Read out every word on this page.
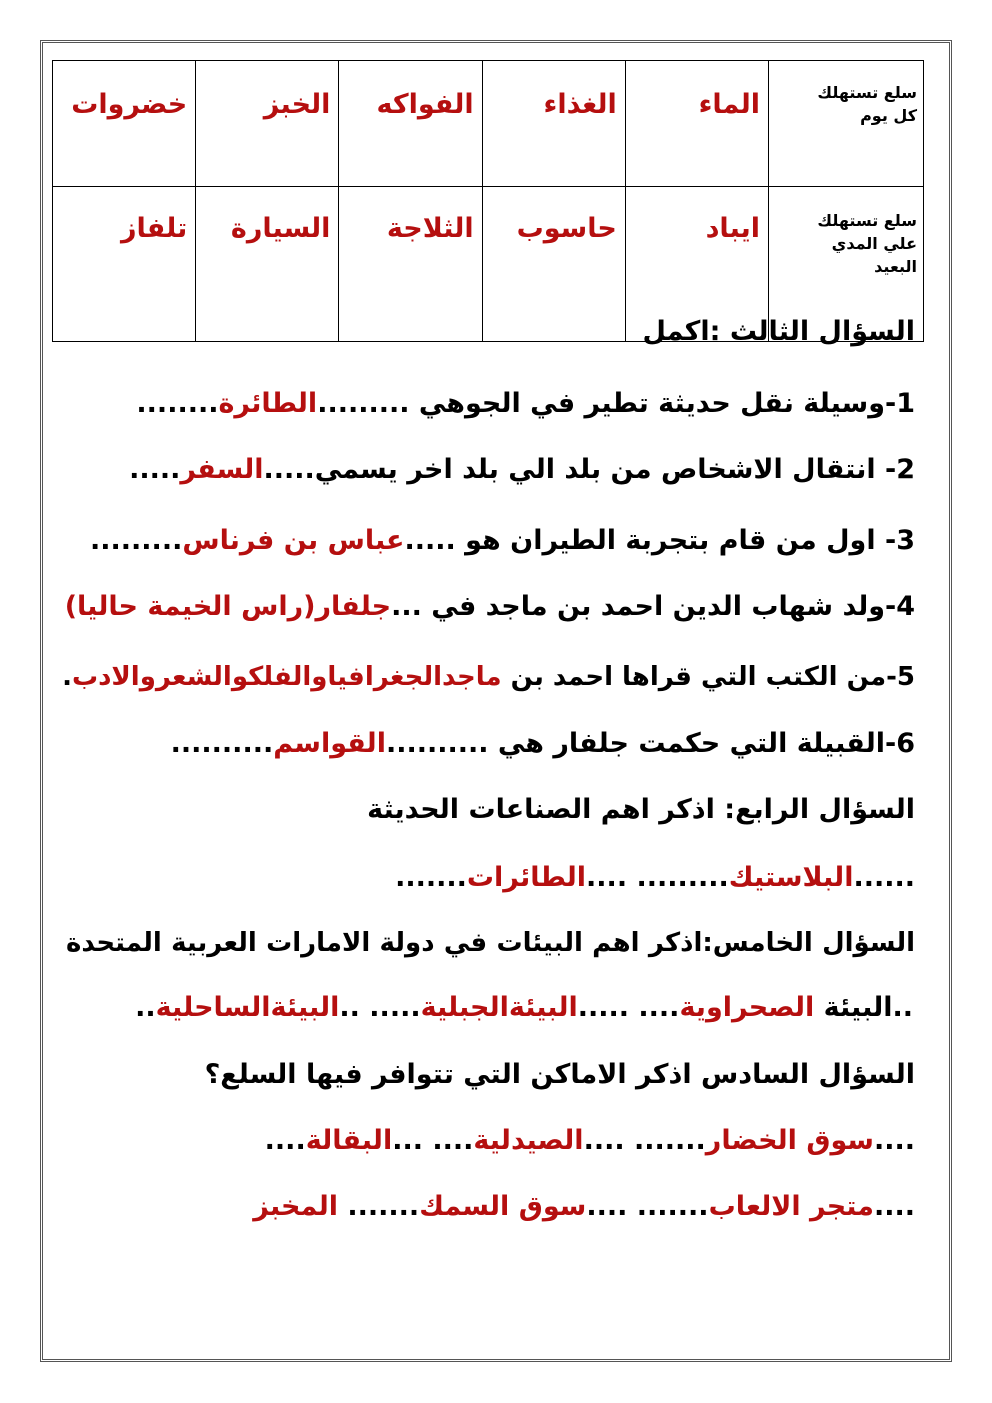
سلع تستهلك
كل يوم	الماء	الغذاء	الفواكه	الخبز	خضروات

سلع تستهلك
علي المدي
البعيد	ايباد	حاسوب	الثلاجة	السيارة	تلفاز
السؤال الثالث :اكمل
1-وسيلة نقل حديثة تطير في الجوهي .........الطائرة........
2- انتقال الاشخاص من بلد الي بلد اخر يسمي.....السفر.....
3- اول من قام بتجربة الطيران هو .....عباس بن فرناس.........
4-ولد شهاب الدين احمد بن ماجد في ...جلفار(راس الخيمة حاليا)
5-من الكتب التي قراها احمد بن ماجدالجغرافياوالفلكوالشعروالادب.
6-القبيلة التي حكمت جلفار هي ..........القواسم..........
السؤال الرابع: اذكر اهم الصناعات الحديثة
......البلاستيك......... ....الطائرات.......
السؤال الخامس:اذكر اهم البيئات في دولة الامارات العربية المتحدة
..البيئة الصحراوية.... .....البيئةالجبلية..... ..البيئةالساحلية..
السؤال السادس اذكر الاماكن التي تتوافر فيها السلع؟
....سوق الخضار....... ....الصيدلية.... ...البقالة....
....متجر الالعاب....... ....سوق السمك....... المخبز
